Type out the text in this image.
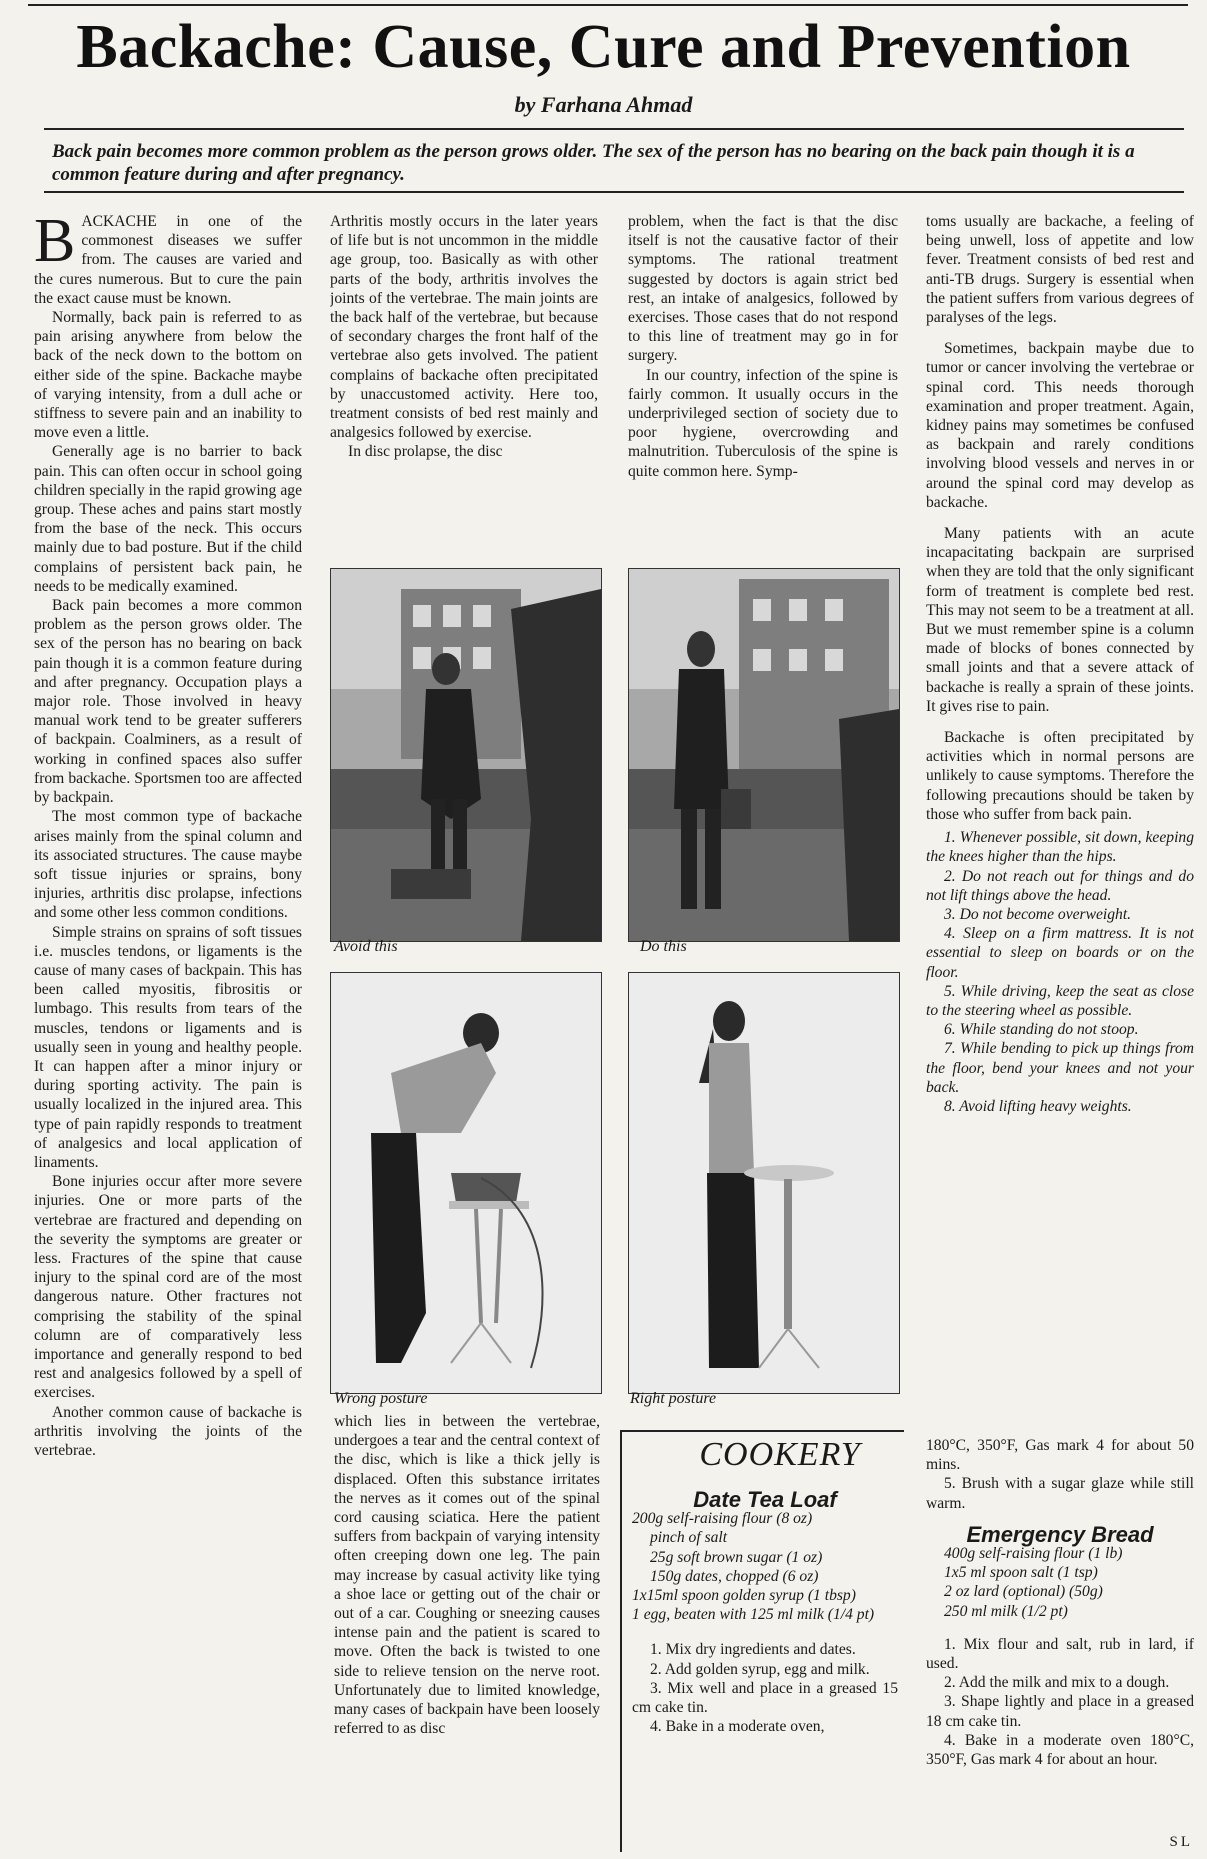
Backache: Cause, Cure and Prevention
by Farhana Ahmad
Back pain becomes more common problem as the person grows older. The sex of the person has no bearing on the back pain though it is a common feature during and after pregnancy.

BACKACHE in one of the commonest diseases we suffer from. The causes are varied and the cures numerous. But to cure the pain the exact cause must be known.

Normally, back pain is referred to as pain arising anywhere from below the back of the neck down to the bottom on either side of the spine. Backache maybe of varying intensity, from a dull ache or stiffness to severe pain and an inability to move even a little.

Generally age is no barrier to back pain. This can often occur in school going children specially in the rapid growing age group. These aches and pains start mostly from the base of the neck. This occurs mainly due to bad posture. But if the child complains of persistent back pain, he needs to be medically examined.

Back pain becomes a more common problem as the person grows older. The sex of the person has no bearing on back pain though it is a common feature during and after pregnancy. Occupation plays a major role. Those involved in heavy manual work tend to be greater sufferers of backpain. Coalminers, as a result of working in confined spaces also suffer from backache. Sportsmen too are affected by backpain.

The most common type of backache arises mainly from the spinal column and its associated structures. The cause maybe soft tissue injuries or sprains, bony injuries, arthritis disc prolapse, infections and some other less common conditions.

Simple strains on sprains of soft tissues i.e. muscles tendons, or ligaments is the cause of many cases of backpain. This has been called myositis, fibrositis or lumbago. This results from tears of the muscles, tendons or ligaments and is usually seen in young and healthy people. It can happen after a minor injury or during sporting activity. The pain is usually localized in the injured area. This type of pain rapidly responds to treatment of analgesics and local application of linaments.

Bone injuries occur after more severe injuries. One or more parts of the vertebrae are fractured and depending on the severity the symptoms are greater or less. Fractures of the spine that cause injury to the spinal cord are of the most dangerous nature. Other fractures not comprising the stability of the spinal column are of comparatively less importance and generally respond to bed rest and analgesics followed by a spell of exercises.

Another common cause of backache is arthritis involving the joints of the vertebrae.

Arthritis mostly occurs in the later years of life but is not uncommon in the middle age group, too. Basically as with other parts of the body, arthritis involves the joints of the vertebrae. The main joints are the back half of the vertebrae, but because of secondary charges the front half of the vertebrae also gets involved. The patient complains of backache often precipitated by unaccustomed activity. Here too, treatment consists of bed rest mainly and analgesics followed by exercise.

In disc prolapse, the disc

problem, when the fact is that the disc itself is not the causative factor of their symptoms. The rational treatment suggested by doctors is again strict bed rest, an intake of analgesics, followed by exercises. Those cases that do not respond to this line of treatment may go in for surgery.

In our country, infection of the spine is fairly common. It usually occurs in the underprivileged section of society due to poor hygiene, overcrowding and malnutrition. Tuberculosis of the spine is quite common here. Symp-

Avoid this	Do this
Wrong posture	Right posture

which lies in between the vertebrae, undergoes a tear and the central context of the disc, which is like a thick jelly is displaced. Often this substance irritates the nerves as it comes out of the spinal cord causing sciatica. Here the patient suffers from backpain of varying intensity often creeping down one leg. The pain may increase by casual activity like tying a shoe lace or getting out of the chair or out of a car. Coughing or sneezing causes intense pain and the patient is scared to move. Often the back is twisted to one side to relieve tension on the nerve root. Unfortunately due to limited knowledge, many cases of backpain have been loosely referred to as disc

toms usually are backache, a feeling of being unwell, loss of appetite and low fever. Treatment consists of bed rest and anti-TB drugs. Surgery is essential when the patient suffers from various degrees of paralyses of the legs.

Sometimes, backpain maybe due to tumor or cancer involving the vertebrae or spinal cord. This needs thorough examination and proper treatment. Again, kidney pains may sometimes be confused as backpain and rarely conditions involving blood vessels and nerves in or around the spinal cord may develop as backache.

Many patients with an acute incapacitating backpain are surprised when they are told that the only significant form of treatment is complete bed rest. This may not seem to be a treatment at all. But we must remember spine is a column made of blocks of bones connected by small joints and that a severe attack of backache is really a sprain of these joints. It gives rise to pain.

Backache is often precipitated by activities which in normal persons are unlikely to cause symptoms. Therefore the following precautions should be taken by those who suffer from back pain.

1. Whenever possible, sit down, keeping the knees higher than the hips.
2. Do not reach out for things and do not lift things above the head.
3. Do not become overweight.
4. Sleep on a firm mattress. It is not essential to sleep on boards or on the floor.
5. While driving, keep the seat as close to the steering wheel as possible.
6. While standing do not stoop.
7. While bending to pick up things from the floor, bend your knees and not your back.
8. Avoid lifting heavy weights.
COOKERY

Date Tea Loaf

200g self-raising flour (8 oz)
pinch of salt
25g soft brown sugar (1 oz)
150g dates, chopped (6 oz)
1x15ml spoon golden syrup (1 tbsp)
1 egg, beaten with 125 ml milk (1/4 pt)

1. Mix dry ingredients and dates.

2. Add golden syrup, egg and milk.

3. Mix well and place in a greased 15 cm cake tin.

4. Bake in a moderate oven,

180°C, 350°F, Gas mark 4 for about 50 mins.

5. Brush with a sugar glaze while still warm.

Emergency Bread

400g self-raising flour (1 lb)
1x5 ml spoon salt (1 tsp)
2 oz lard (optional) (50g)
250 ml milk (1/2 pt)

1. Mix flour and salt, rub in lard, if used.

2. Add the milk and mix to a dough.

3. Shape lightly and place in a greased 18 cm cake tin.

4. Bake in a moderate oven 180°C, 350°F, Gas mark 4 for about an hour.

SL
